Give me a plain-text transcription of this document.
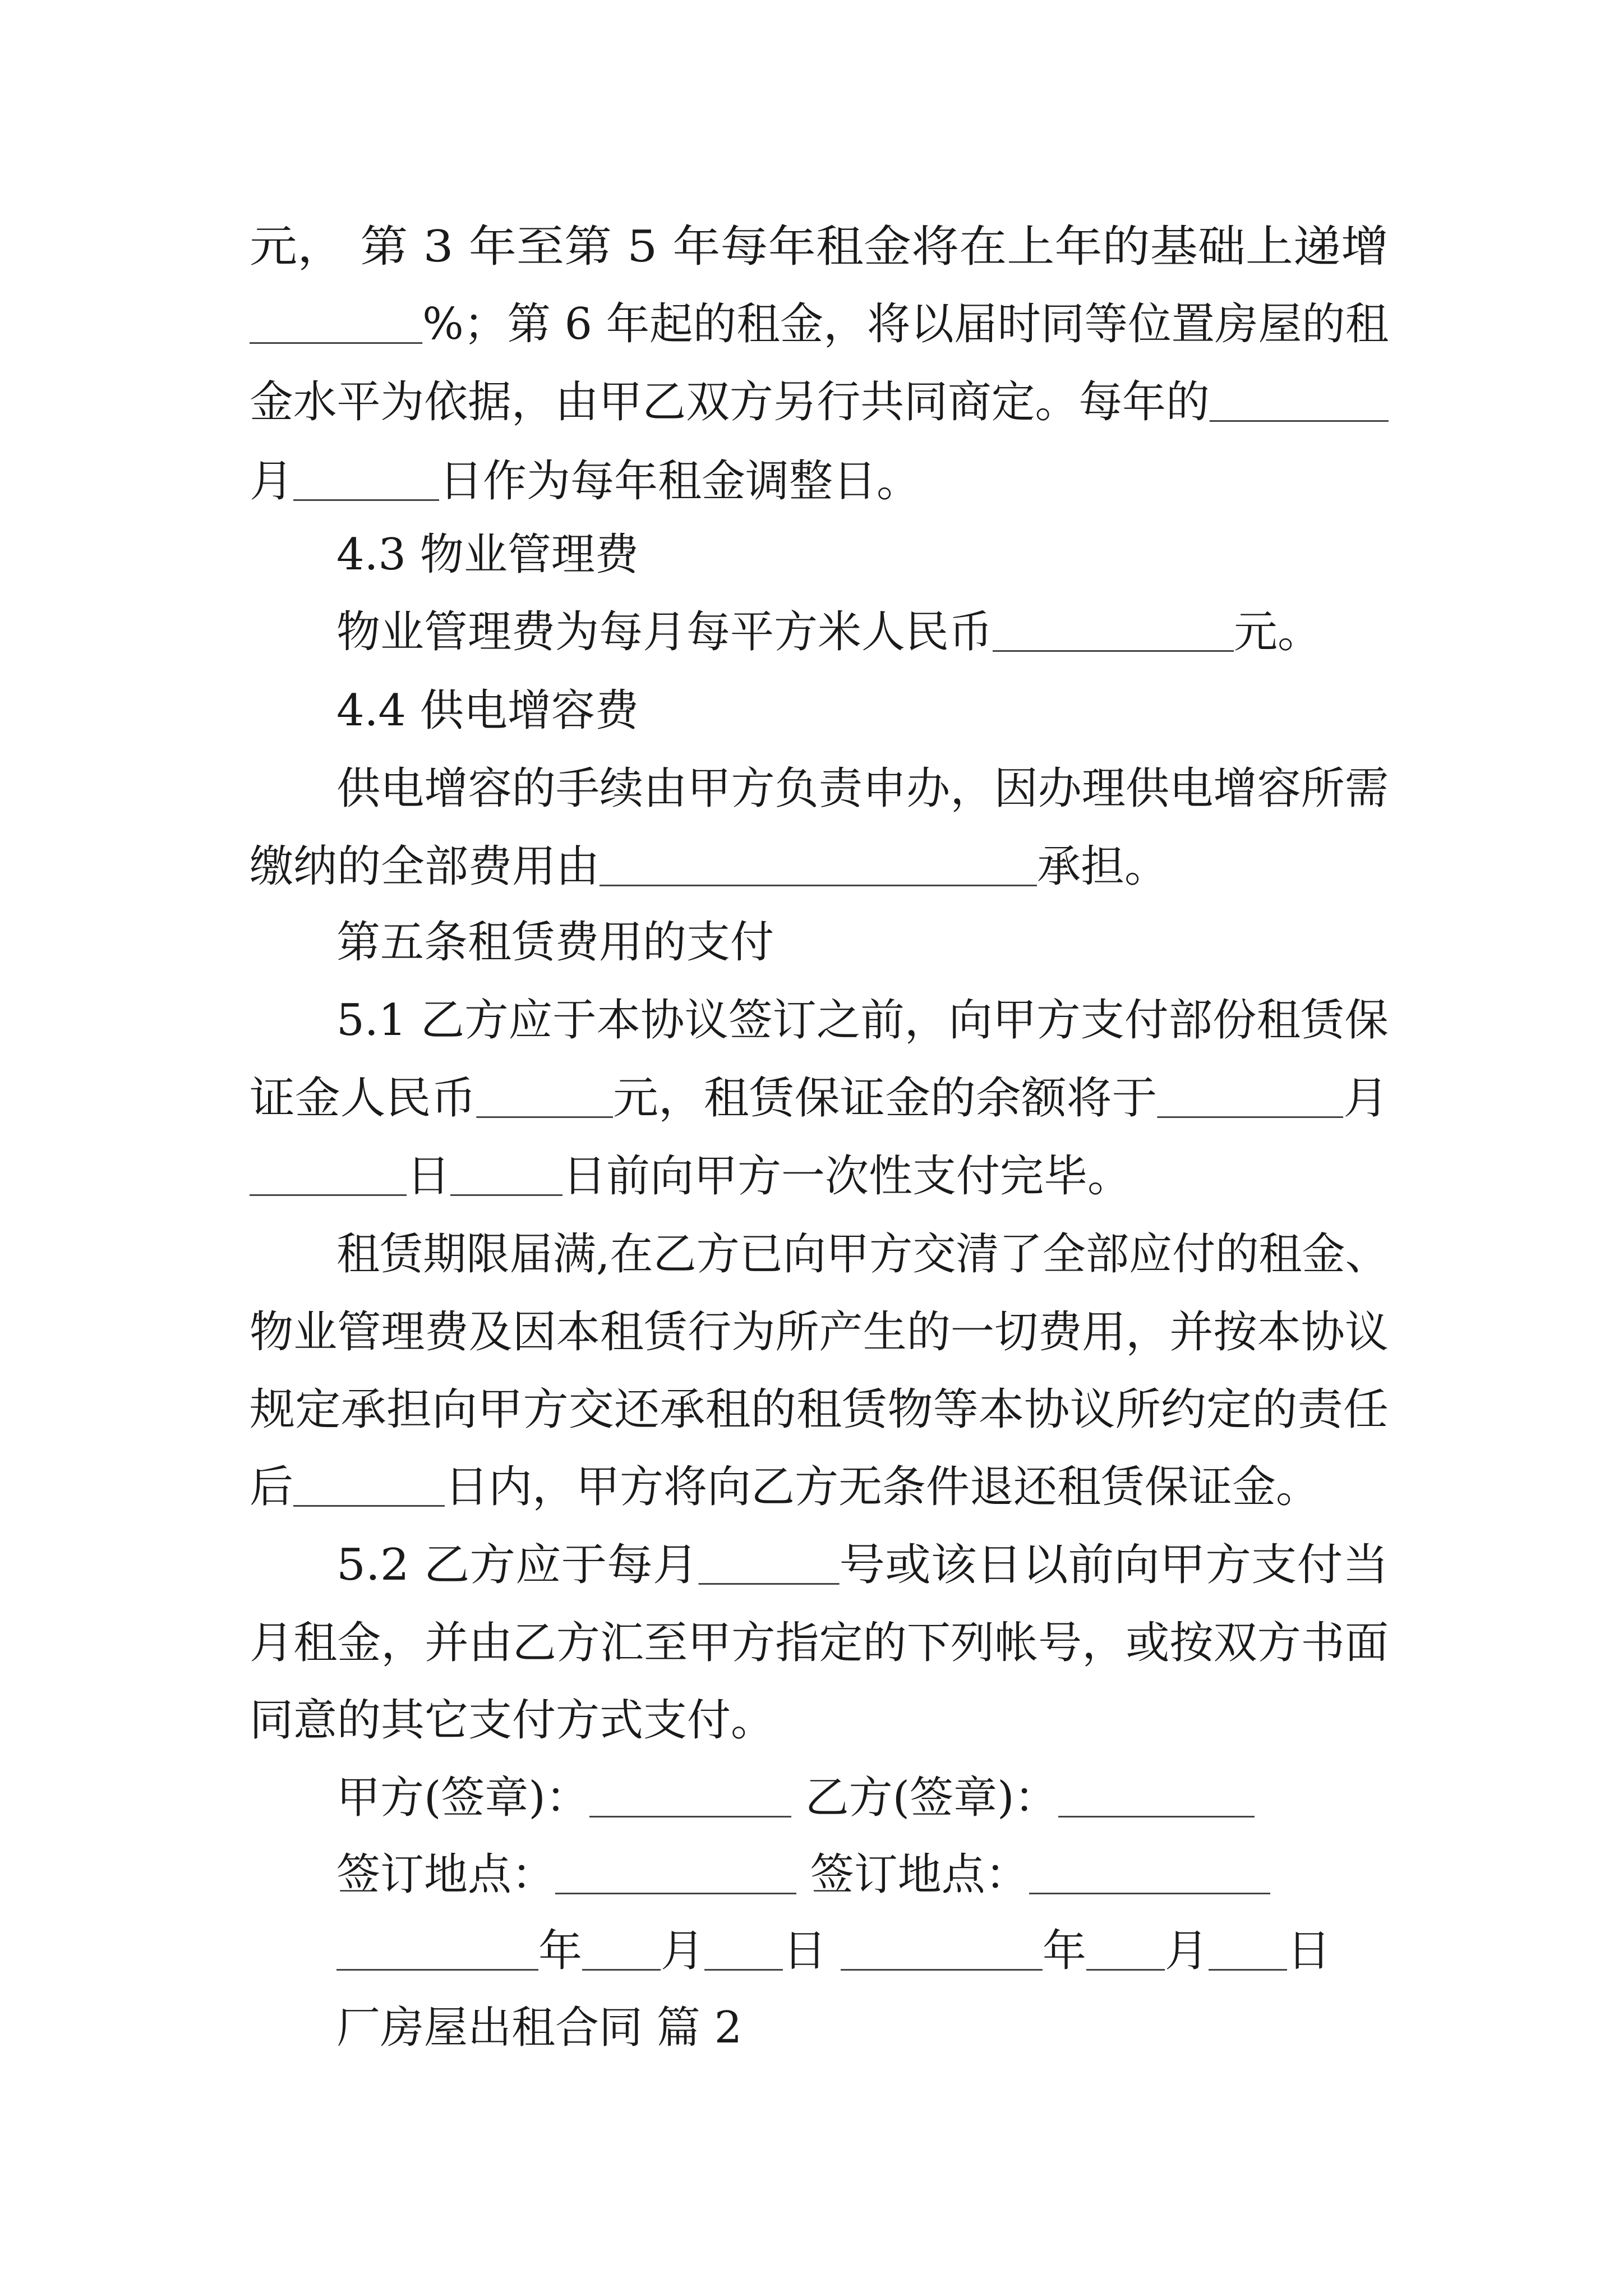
元， 第 3 年至第 5 年每年租金将在上年的基础上递增
%；第 6 年起的租金，将以届时同等位置房屋的租
金水平为依据，由甲乙双方另行共同商定。每年的
月	日作为每年租金调整日。
4.3 物业管理费
物业管理费为每月每平方米人民币	元。
4.4 供电增容费
供电增容的手续由甲方负责申办，因办理供电增容所需
缴纳的全部费用由	承担。
第五条租赁费用的支付
5.1 乙方应于本协议签订之前，向甲方支付部份租赁保
证金人民币	元，租赁保证金的余额将于	月
日	日前向甲方一次性支付完毕。
租赁期限届满,在乙方已向甲方交清了全部应付的租金、
物业管理费及因本租赁行为所产生的一切费用，并按本协议
规定承担向甲方交还承租的租赁物等本协议所约定的责任
后	日内，甲方将向乙方无条件退还租赁保证金。
5.2 乙方应于每月	号或该日以前向甲方支付当
月租金，并由乙方汇至甲方指定的下列帐号，或按双方书面
同意的其它支付方式支付。
甲方(签章)：	乙方(签章)：
签订地点：	签订地点：
年 月 日	年 月 日
厂房屋出租合同 篇 2
